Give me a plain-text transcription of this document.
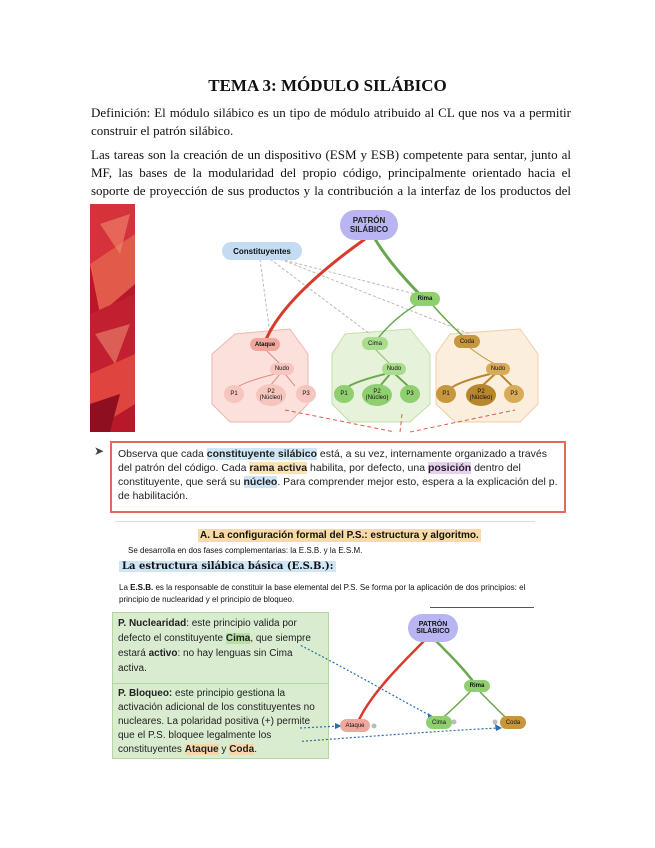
TEMA 3: MÓDULO SILÁBICO
Definición: El módulo silábico es un tipo de módulo atribuido al CL que nos va a permitir construir el patrón silábico.
Las tareas son la creación de un dispositivo (ESM y ESB) competente para sentar, junto al MF, las bases de la modularidad del propio código, principalmente orientado hacia el soporte de proyección de sus productos y la contribución a la interfaz de los productos del
PATRÓN SILÁBICO
Constituyentes
Rima
Ataque	Cima	Coda
Nudo	Nudo	Nudo
P1	P2
(Núcleo)
P3	P1	P2
(Núcleo)
P3	P1	P2
(Núcleo)
P3
➤	Observa que cada constituyente silábico está, a su vez, internamente organizado a través del patrón del código. Cada rama activa habilita, por defecto, una posición dentro del constituyente, que será su núcleo. Para comprender mejor esto, espera a la explicación del p. de habilitación.
A. La configuración formal del P.S.: estructura y algoritmo.
Se desarrolla en dos fases complementarias: la E.S.B. y la E.S.M.
La estructura silábica básica (E.S.B.):
La E.S.B. es la responsable de constituir la base elemental del P.S. Se forma por la aplicación de dos principios: el principio de nuclearidad y el principio de bloqueo.
P. Nuclearidad: este principio valida por defecto el constituyente Cima, que siempre estará activo: no hay lenguas sin Cima activa.
P. Bloqueo: este principio gestiona la activación adicional de los constituyentes no nucleares. La polaridad positiva (+) permite que el P.S. bloquee legalmente los constituyentes Ataque y Coda.
PATRÓN SILÁBICO
Rima
Ataque	Cima	Coda
